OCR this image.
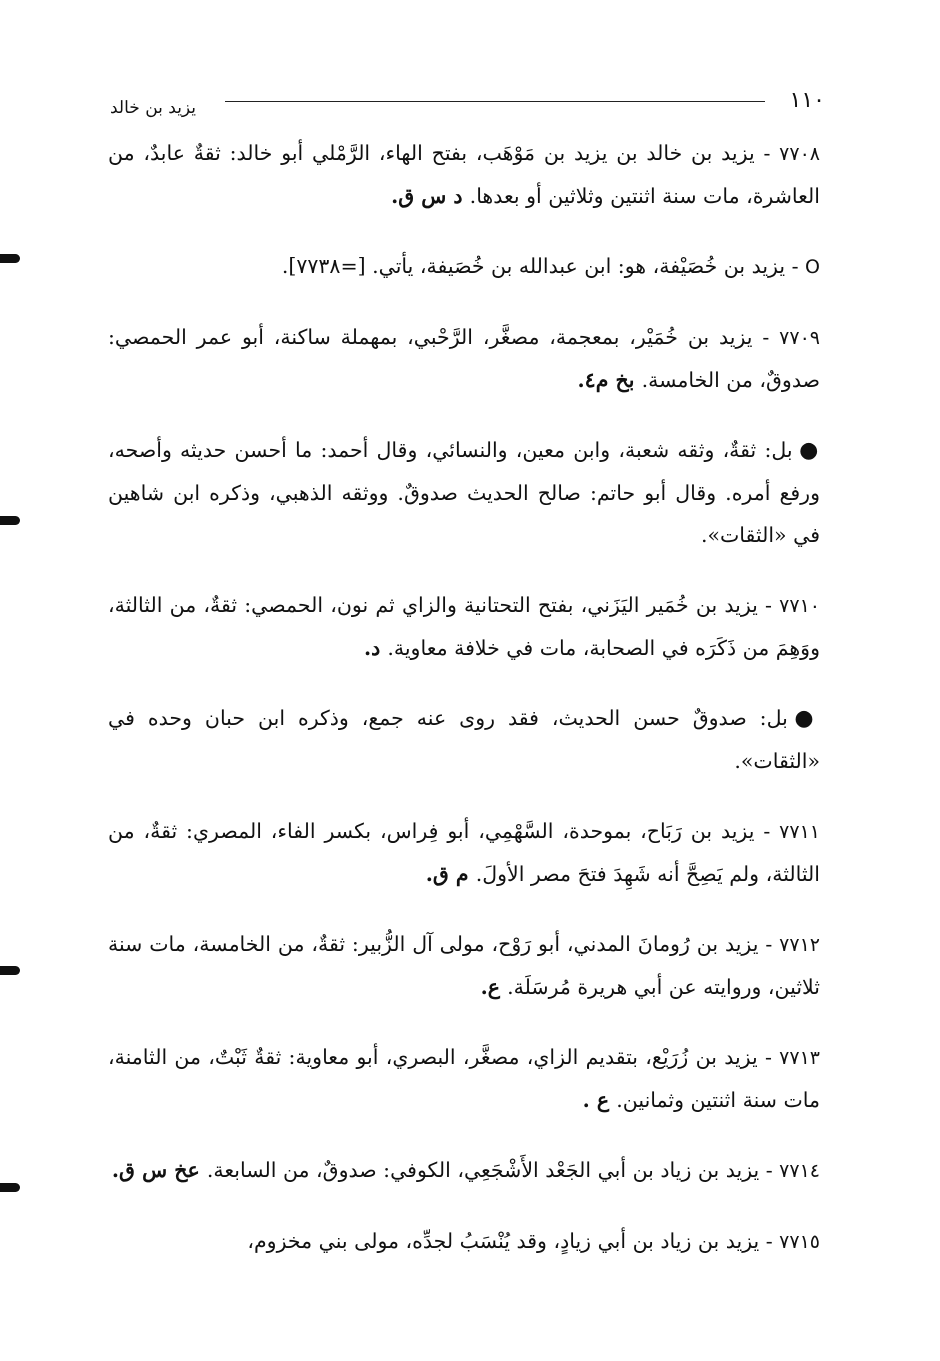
١١٠
يزيد بن خالد

٧٧٠٨ - يزيد بن خالد بن يزيد بن مَوْهَب، بفتح الهاء، الرَّمْلي أبو خالد: ثقةٌ عابدٌ، من العاشرة، مات سنة اثنتين وثلاثين أو بعدها. د س ق.

O - يزيد بن خُصَيْفة، هو: ابن عبدالله بن خُصَيفة، يأتي. [=٧٧٣٨].

٧٧٠٩ - يزيد بن خُمَيْر، بمعجمة، مصغَّر، الرَّحْبي، بمهملة ساكنة، أبو عمر الحمصي: صدوقٌ، من الخامسة. بخ م٤.

● بل: ثقةٌ، وثقه شعبة، وابن معين، والنسائي، وقال أحمد: ما أحسن حديثه وأصحه، ورفع أمره. وقال أبو حاتم: صالح الحديث صدوقٌ. ووثقه الذهبي، وذكره ابن شاهين في «الثقات».

٧٧١٠ - يزيد بن خُمَير اليَزَني، بفتح التحتانية والزاي ثم نون، الحمصي: ثقةٌ، من الثالثة، ووَهِمَ من ذَكَرَه في الصحابة، مات في خلافة معاوية. د.

● بل: صدوقٌ حسن الحديث، فقد روى عنه جمع، وذكره ابن حبان وحده في «الثقات».

٧٧١١ - يزيد بن رَبَاح، بموحدة، السَّهْمِي، أبو فِراس، بكسر الفاء، المصري: ثقةٌ، من الثالثة، ولم يَصِحَّ أنه شَهِدَ فتحَ مصر الأولَ. م ق.

٧٧١٢ - يزيد بن رُومانَ المدني، أبو رَوْح، مولى آل الزُّبير: ثقةٌ، من الخامسة، مات سنة ثلاثين، وروايته عن أبي هريرة مُرسَلَة. ع.

٧٧١٣ - يزيد بن زُرَيْع، بتقديم الزاي، مصغَّر، البصري، أبو معاوية: ثقةٌ ثَبْتٌ، من الثامنة، مات سنة اثنتين وثمانين. ع .

٧٧١٤ - يزيد بن زياد بن أبي الجَعْد الأَشْجَعِي، الكوفي: صدوقٌ، من السابعة. عخ س ق.

٧٧١٥ - يزيد بن زياد بن أبي زيادٍ، وقد يُنْسَبُ لجدِّه، مولى بني مخزوم،
